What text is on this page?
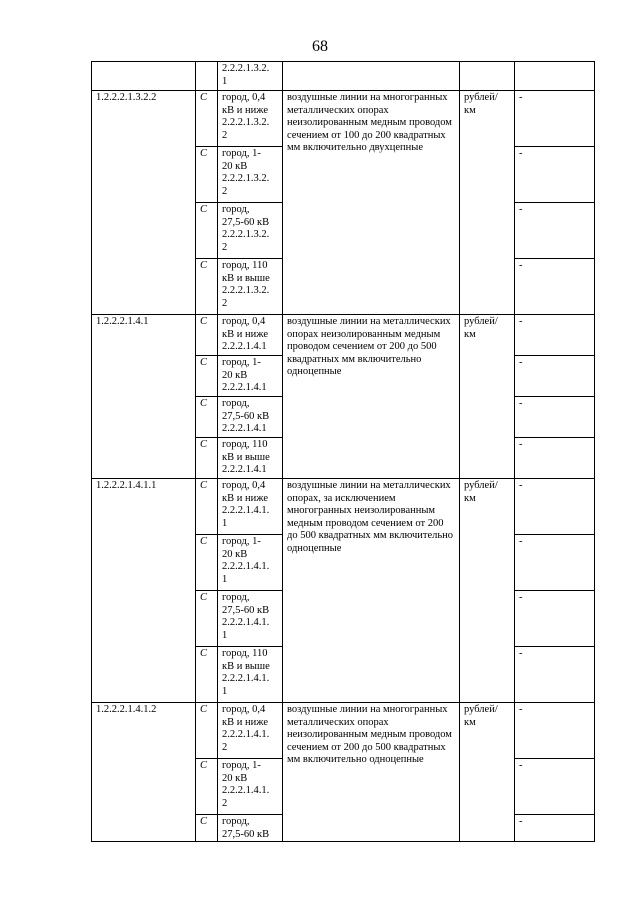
68
		2.2.2.1.3.2.
1			
1.2.2.2.1.3.2.2	С	город, 0,4
кВ и ниже
2.2.2.1.3.2.
2	воздушные линии на многогранных металлических опорах неизолированным медным проводом сечением от 100 до 200 квадратных мм включительно двухцепные	рублей/
км	-
	С	город, 1-
20 кВ
2.2.2.1.3.2.
2			-
	С	город,
27,5-60 кВ
2.2.2.1.3.2.
2			-
	С	город, 110
кВ и выше
2.2.2.1.3.2.
2			-
1.2.2.2.1.4.1	С	город, 0,4
кВ и ниже
2.2.2.1.4.1	воздушные линии на металлических опорах неизолированным медным проводом сечением от 200 до 500 квадратных мм включительно одноцепные	рублей/
км	-
	С	город, 1-
20 кВ
2.2.2.1.4.1			-
	С	город,
27,5-60 кВ
2.2.2.1.4.1			-
	С	город, 110
кВ и выше
2.2.2.1.4.1			-
1.2.2.2.1.4.1.1	С	город, 0,4
кВ и ниже
2.2.2.1.4.1.
1	воздушные линии на металлических опорах, за исключением многогранных неизолированным медным проводом сечением от 200 до 500 квадратных мм включительно одноцепные	рублей/
км	-
	С	город, 1-
20 кВ
2.2.2.1.4.1.
1			-
	С	город,
27,5-60 кВ
2.2.2.1.4.1.
1			-
	С	город, 110
кВ и выше
2.2.2.1.4.1.
1			-
1.2.2.2.1.4.1.2	С	город, 0,4
кВ и ниже
2.2.2.1.4.1.
2	воздушные линии на многогранных металлических опорах неизолированным медным проводом сечением от 200 до 500 квадратных мм включительно одноцепные	рублей/
км	-
	С	город, 1-
20 кВ
2.2.2.1.4.1.
2			-
	С	город,
27,5-60 кВ			-
